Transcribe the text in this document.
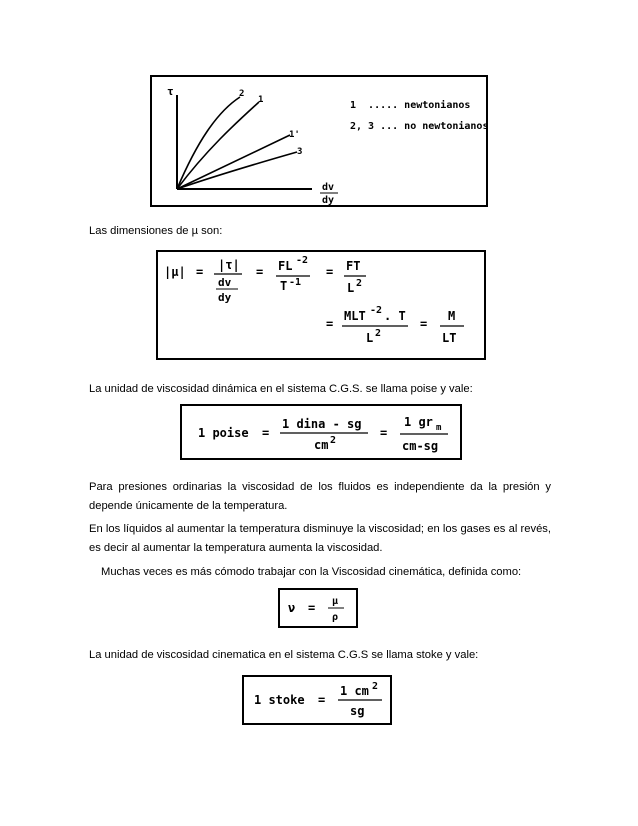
τ
dv
dy
2
1
1'
3
1  ..... newtonianos
2, 3 ... no newtonianos
Las dimensiones de µ son:
|µ| = |τ|
dv
dy
= FL -2
T -1
= FT
L 2
=
MLT -2 . T
L 2
=
M
LT
La unidad de viscosidad dinámica en el sistema C.G.S. se llama poise y vale:
1 poise =
1 dina - sg
cm 2
=
1 gr m
cm-sg
Para presiones ordinarias la viscosidad de los fluidos es independiente da la presión y depende únicamente de la temperatura.
En los líquidos al aumentar la temperatura disminuye la viscosidad; en los gases es al revés, es decir al aumentar la temperatura aumenta la viscosidad.
Muchas veces es más cómodo trabajar con la Viscosidad cinemática, definida como:
ν = µ
ρ
La unidad de viscosidad cinematica en el sistema C.G.S se llama stoke y vale:
1 stoke =
1 cm 2
sg
